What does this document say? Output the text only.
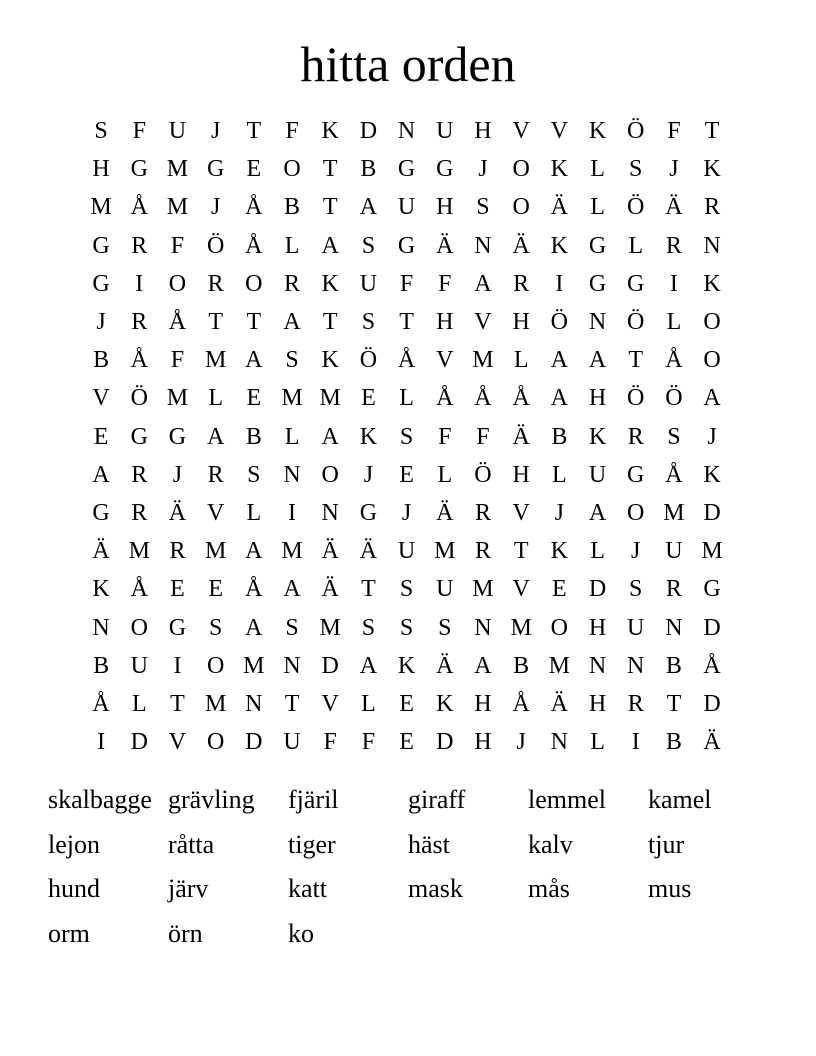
hitta orden
S	F U	J	T	F K D N U H V V K Ö F	T
H G M G E O T B G G	J	O K L	S	J	K
M Å M J	Å B T A U H S O Ä L Ö Ä R
G R F Ö Å L A S G Ä N Ä K G L R N
G	I	O R O R K U F	F A R	I	G G	I	K
J	R Å T T A T	S	T H V H Ö N Ö L O
B Å F M A S K Ö Å V M L A A T Å O
V Ö M L E M M E L Å Å Å A H Ö Ö A
E G G A B L A K S	F	F Ä B K R S	J
A R	J	R S N O	J	E L Ö H L U G Å K
G R Ä V L	I	N G	J	Ä R V	J	A O M D
Ä M R M A M Ä Ä U M R T K L	J	U M
K Å E E Å A Ä T	S U M V E D S R G
N O G S A S M S	S	S N M O H U N D
B U	I	O M N D A K Ä A B M N N B Å
Å L T M N T V L E K H Å Ä H R T D
I	D V O D U F	F	E D H	J	N L	I	B Ä
skalbagge grävling	fjäril	giraff	lemmel	kamel
lejon	råtta	tiger	häst	kalv	tjur
hund	järv	katt	mask	mås	mus
orm	örn	ko
